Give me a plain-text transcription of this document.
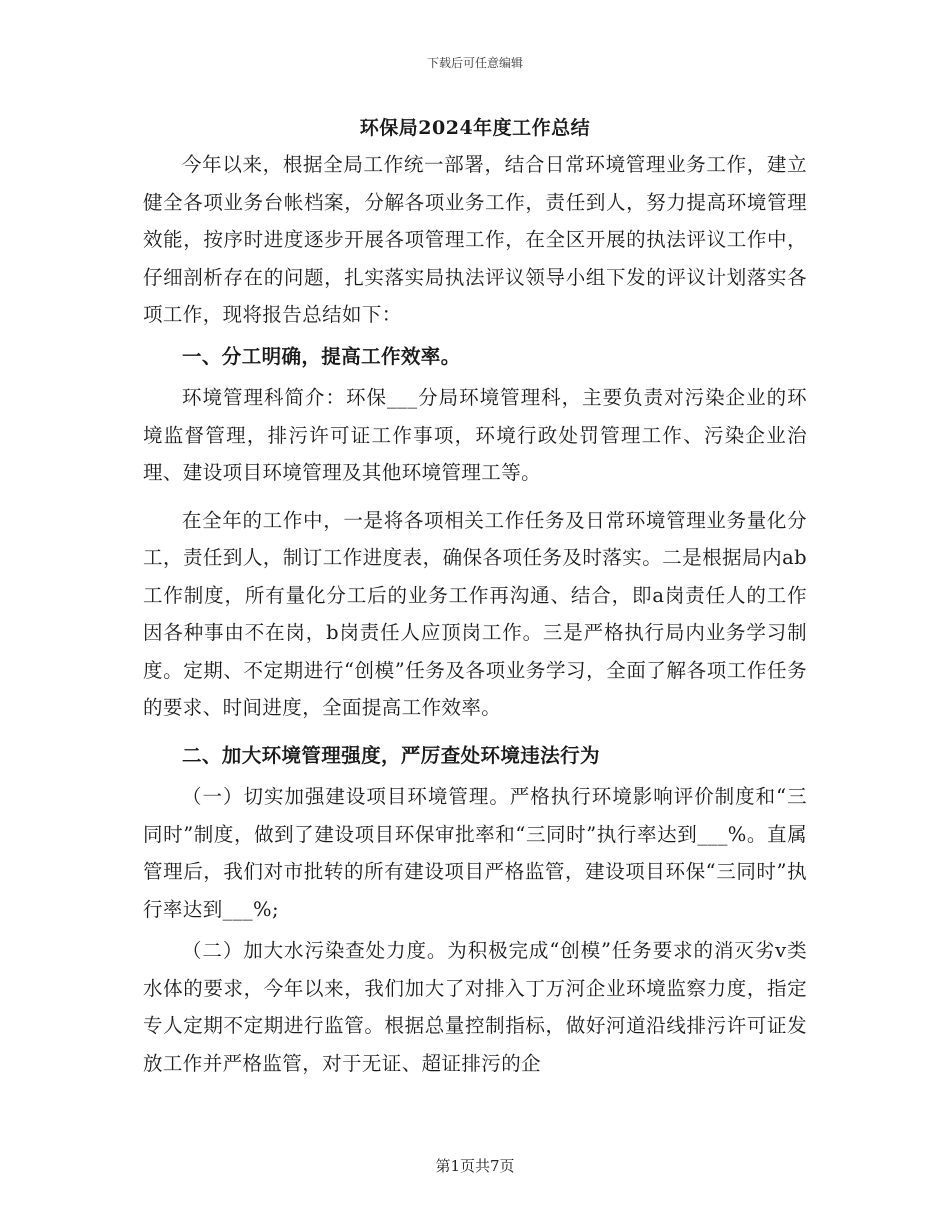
下载后可任意编辑
环保局2024年度工作总结

今年以来，根据全局工作统一部署，结合日常环境管理业务工作，建立健全各项业务台帐档案，分解各项业务工作，责任到人，努力提高环境管理效能，按序时进度逐步开展各项管理工作，在全区开展的执法评议工作中，仔细剖析存在的问题，扎实落实局执法评议领导小组下发的评议计划落实各项工作，现将报告总结如下：

一、分工明确，提高工作效率。

环境管理科简介：环保___分局环境管理科，主要负责对污染企业的环境监督管理，排污许可证工作事项，环境行政处罚管理工作、污染企业治理、建设项目环境管理及其他环境管理工等。

在全年的工作中，一是将各项相关工作任务及日常环境管理业务量化分工，责任到人，制订工作进度表，确保各项任务及时落实。二是根据局内ab工作制度，所有量化分工后的业务工作再沟通、结合，即a岗责任人的工作因各种事由不在岗，b岗责任人应顶岗工作。三是严格执行局内业务学习制度。定期、不定期进行“创模”任务及各项业务学习，全面了解各项工作任务的要求、时间进度，全面提高工作效率。

二、加大环境管理强度，严厉查处环境违法行为

（一）切实加强建设项目环境管理。严格执行环境影响评价制度和“三同时”制度，做到了建设项目环保审批率和“三同时”执行率达到___%。直属管理后，我们对市批转的所有建设项目严格监管，建设项目环保“三同时”执行率达到___%;

（二）加大水污染查处力度。为积极完成“创模”任务要求的消灭劣v类水体的要求，今年以来，我们加大了对排入丁万河企业环境监察力度，指定专人定期不定期进行监管。根据总量控制指标，做好河道沿线排污许可证发放工作并严格监管，对于无证、超证排污的企

第1页共7页
